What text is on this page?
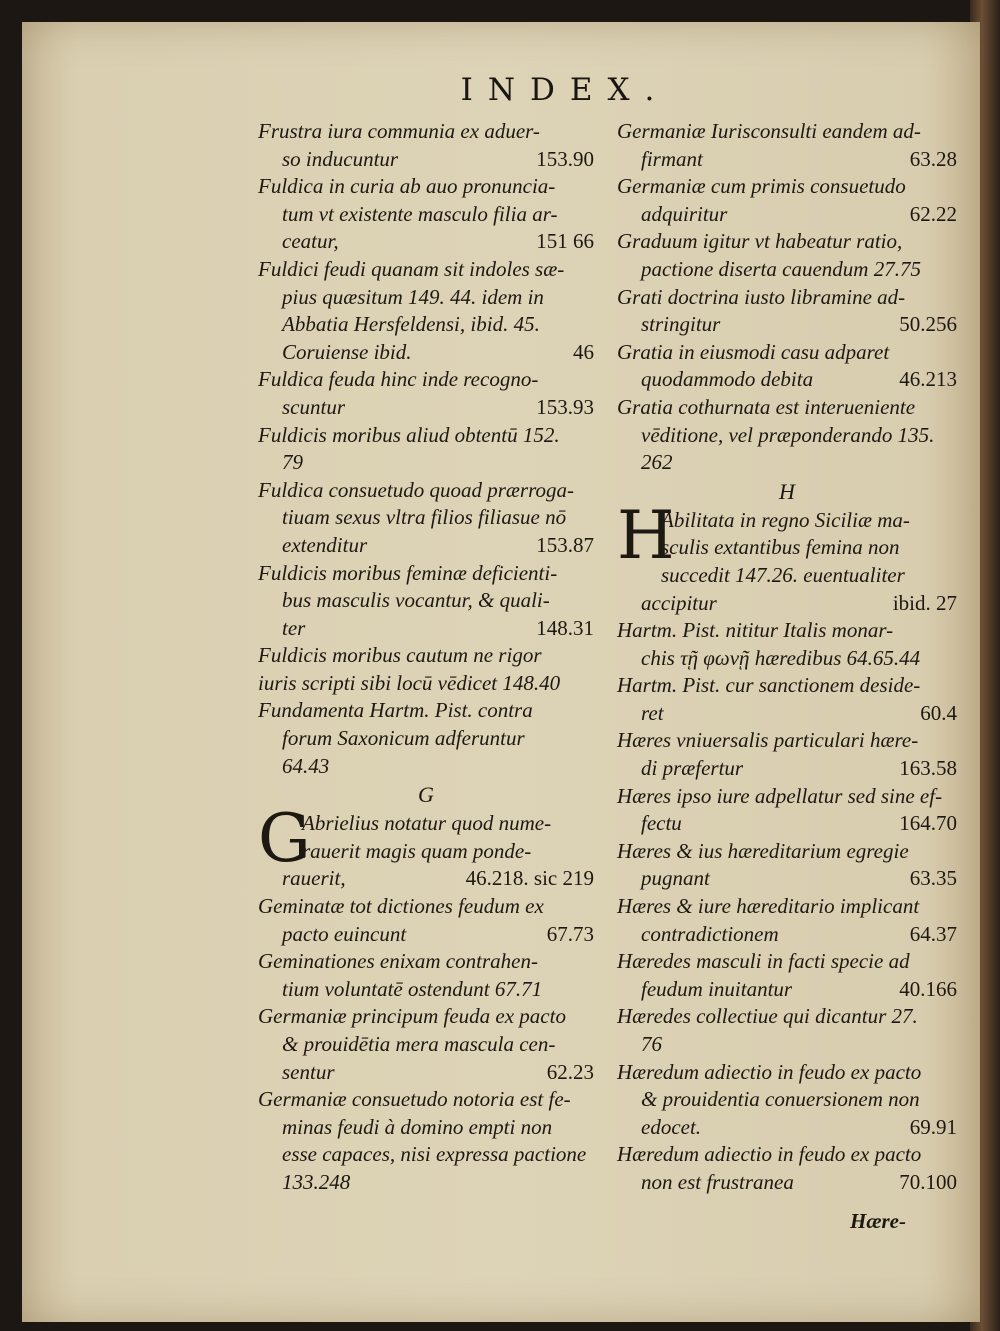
INDEX.
Frustra iura communia ex aduer-
so inducuntur	153.90
Fuldica in curia ab auo pronuncia-
tum vt existente masculo filia ar-
ceatur,	151 66
Fuldici feudi quanam sit indoles sæ-
pius quæsitum 149. 44. idem in
Abbatia Hersfeldensi, ibid. 45.
Coruiense ibid.	46
Fuldica feuda hinc inde recogno-
scuntur	153.93
Fuldicis moribus aliud obtentū 152.
79
Fuldica consuetudo quoad prærroga-
tiuam sexus vltra filios filiasue nō
extenditur	153.87
Fuldicis moribus feminæ deficienti-
bus masculis vocantur, & quali-
ter	148.31
Fuldicis moribus cautum ne rigor
iuris scripti sibi locū vēdicet 148.40
Fundamenta Hartm. Pist. contra
forum Saxonicum adferuntur
64.43
G
G
Abrielius notatur quod nume-
rauerit magis quam ponde-
rauerit,	46.218. sic 219
Geminatæ tot dictiones feudum ex
pacto euincunt	67.73
Geminationes enixam contrahen-
tium voluntatē ostendunt 67.71
Germaniæ principum feuda ex pacto
& prouidētia mera mascula cen-
sentur	62.23
Germaniæ consuetudo notoria est fe-
minas feudi à domino empti non
esse capaces, nisi expressa pactione
133.248
Germaniæ Iurisconsulti eandem ad-
firmant	63.28
Germaniæ cum primis consuetudo
adquiritur	62.22
Graduum igitur vt habeatur ratio,
pactione diserta cauendum 27.75
Grati doctrina iusto libramine ad-
stringitur	50.256
Gratia in eiusmodi casu adparet
quodammodo debita	46.213
Gratia cothurnata est interueniente
vēditione, vel præponderando 135.
262
H
H
Abilitata in regno Siciliæ ma-
sculis extantibus femina non
succedit 147.26. euentualiter
accipitur	ibid. 27
Hartm. Pist. nititur Italis monar-
chis τῇ φωνῇ hæredibus 64.65.44
Hartm. Pist. cur sanctionem deside-
ret	60.4
Hæres vniuersalis particulari hære-
di præfertur	163.58
Hæres ipso iure adpellatur sed sine ef-
fectu	164.70
Hæres & ius hæreditarium egregie
pugnant	63.35
Hæres & iure hæreditario implicant
contradictionem	64.37
Hæredes masculi in facti specie ad
feudum inuitantur	40.166
Hæredes collectiue qui dicantur 27.
76
Hæredum adiectio in feudo ex pacto
& prouidentia conuersionem non
edocet.	69.91
Hæredum adiectio in feudo ex pacto
non est frustranea	70.100
Hære-
